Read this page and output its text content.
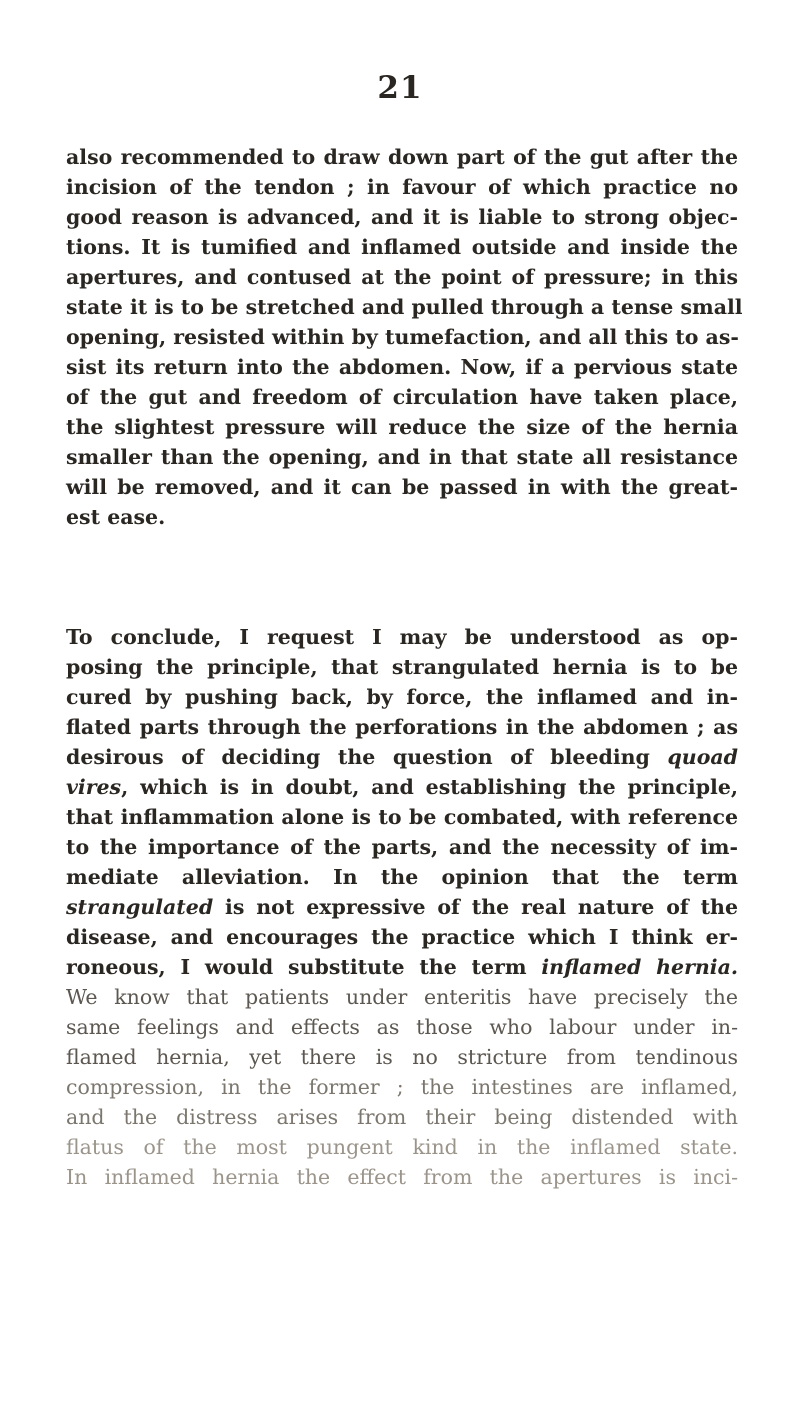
21
also recommended to draw down part of the gut after the
incision of the tendon ; in favour of which practice no
good reason is advanced, and it is liable to strong objec-
tions. It is tumified and inflamed outside and inside the
apertures, and contused at the point of pressure; in this
state it is to be stretched and pulled through a tense small
opening, resisted within by tumefaction, and all this to as-
sist its return into the abdomen. Now, if a pervious state
of the gut and freedom of circulation have taken place,
the slightest pressure will reduce the size of the hernia
smaller than the opening, and in that state all resistance
will be removed, and it can be passed in with the great-
est ease.
To conclude, I request I may be understood as op-
posing the principle, that strangulated hernia is to be
cured by pushing back, by force, the inflamed and in-
flated parts through the perforations in the abdomen ; as
desirous of deciding the question of bleeding quoad
vires, which is in doubt, and establishing the principle,
that inflammation alone is to be combated, with reference
to the importance of the parts, and the necessity of im-
mediate alleviation. In the opinion that the term
strangulated is not expressive of the real nature of the
disease, and encourages the practice which I think er-
roneous, I would substitute the term inflamed hernia.
We know that patients under enteritis have precisely the
same feelings and effects as those who labour under in-
flamed hernia, yet there is no stricture from tendinous
compression, in the former ; the intestines are inflamed,
and the distress arises from their being distended with
flatus of the most pungent kind in the inflamed state.
In inflamed hernia the effect from the apertures is inci-
